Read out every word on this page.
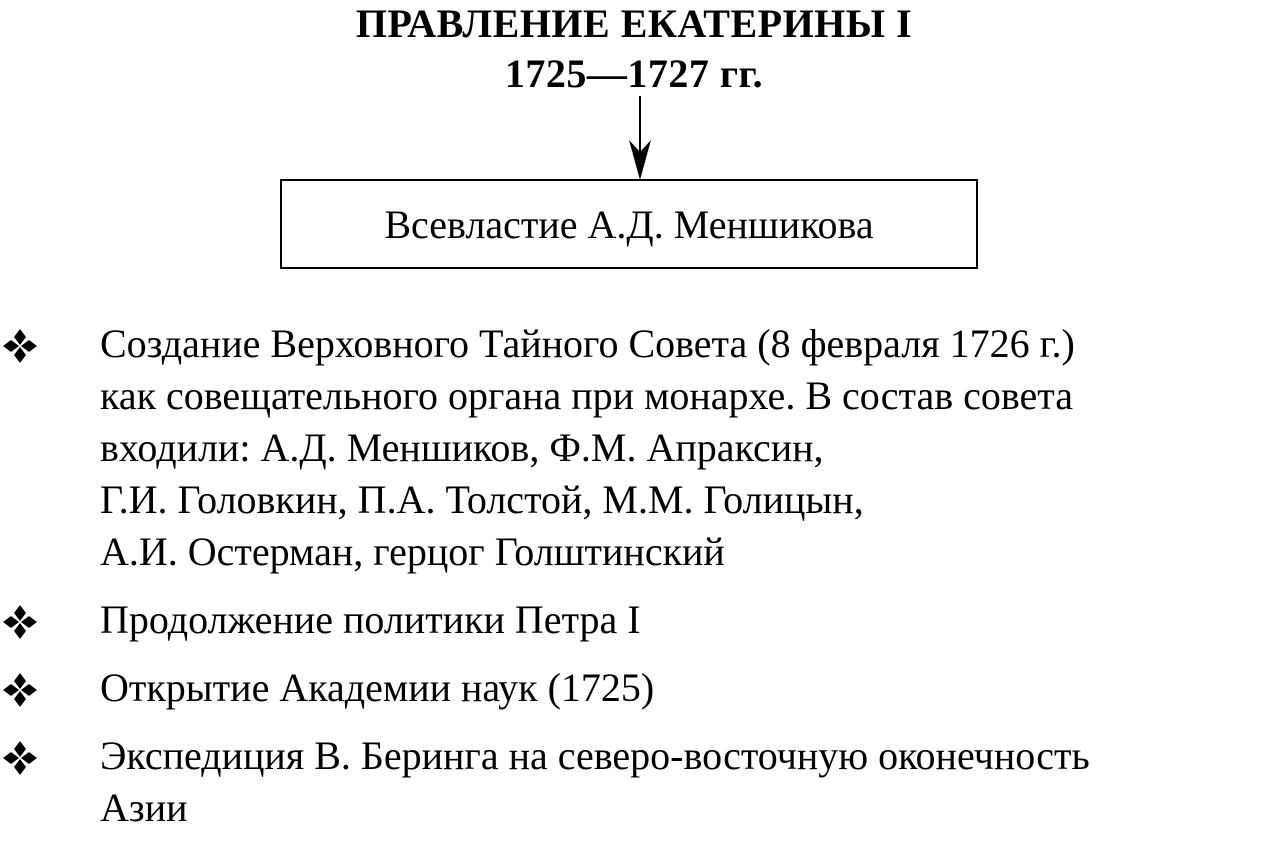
ПРАВЛЕНИЕ ЕКАТЕРИНЫ I
1725—1727 гг.
Всевластие А.Д. Меншикова
Создание Верховного Тайного Совета (8 февраля 1726 г.)
как совещательного органа при монархе. В состав совета
входили: А.Д. Меншиков, Ф.М. Апраксин,
Г.И. Головкин, П.А. Толстой, М.М. Голицын,
А.И. Остерман, герцог Голштинский
Продолжение политики Петра I
Открытие Академии наук (1725)
Экспедиция В. Беринга на северо-восточную оконечность
Азии
